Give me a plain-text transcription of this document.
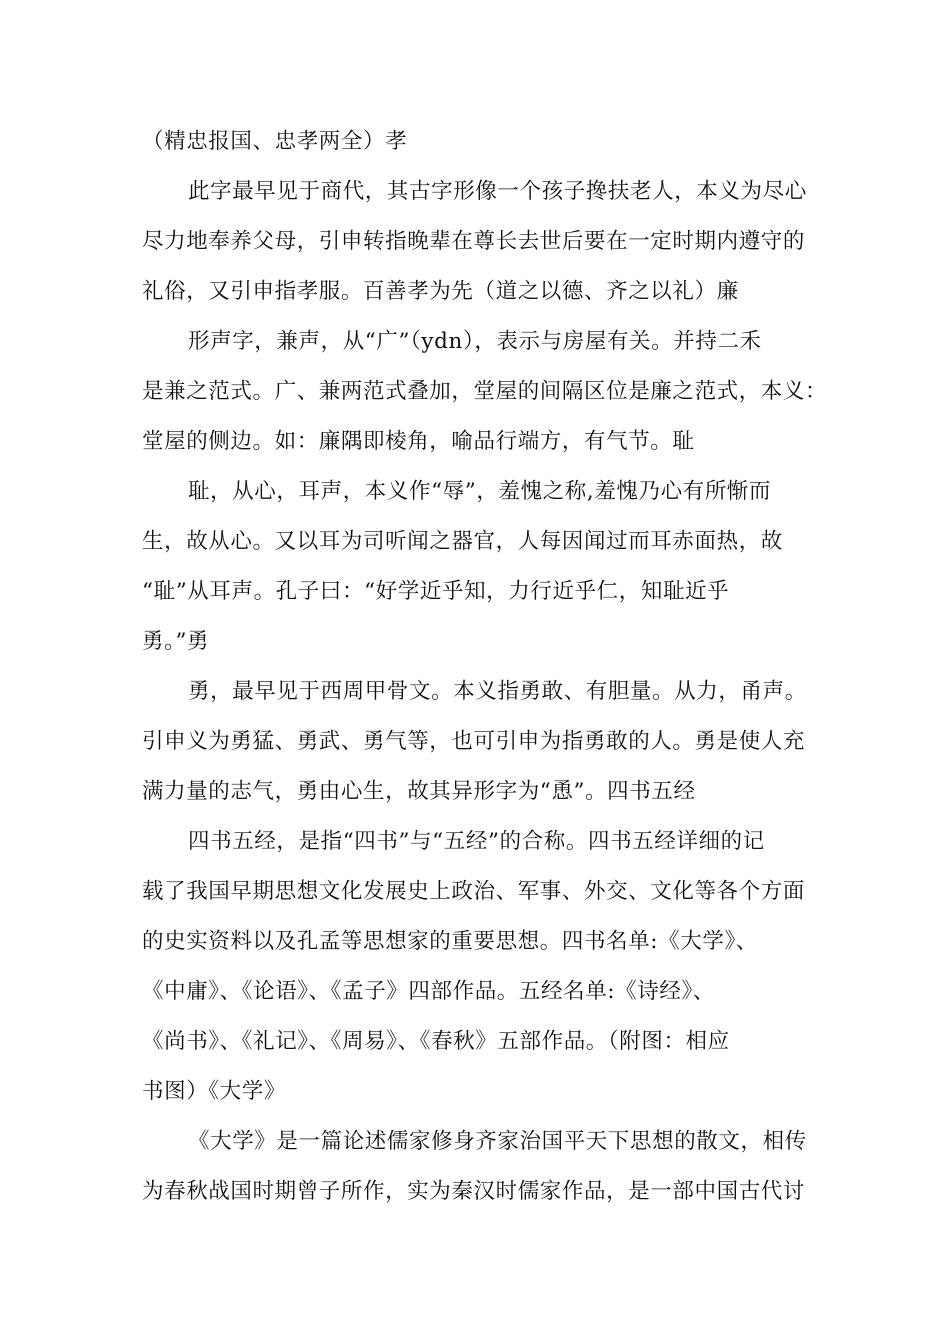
（精忠报国、忠孝两全）孝
此字最早见于商代，其古字形像一个孩子搀扶老人，本义为尽心
尽力地奉养父母，引申转指晚辈在尊长去世后要在一定时期内遵守的
礼俗，又引申指孝服。百善孝为先（道之以德、齐之以礼）廉
形声字，兼声，从“广”（ydn），表示与房屋有关。并持二禾
是兼之范式。广、兼两范式叠加，堂屋的间隔区位是廉之范式，本义：
堂屋的侧边。如：廉隅即棱角，喻品行端方，有气节。耻
耻，从心，耳声，本义作“辱”，羞愧之称,羞愧乃心有所惭而
生，故从心。又以耳为司听闻之器官，人每因闻过而耳赤面热，故
“耻”从耳声。孔子曰：“好学近乎知，力行近乎仁，知耻近乎
勇。”勇
勇，最早见于西周甲骨文。本义指勇敢、有胆量。从力，甬声。
引申义为勇猛、勇武、勇气等，也可引申为指勇敢的人。勇是使人充
满力量的志气，勇由心生，故其异形字为“恿”。四书五经
四书五经，是指“四书”与“五经”的合称。四书五经详细的记
载了我国早期思想文化发展史上政治、军事、外交、文化等各个方面
的史实资料以及孔孟等思想家的重要思想。四书名单:《大学》、
《中庸》、《论语》、《孟子》四部作品。五经名单:《诗经》、
《尚书》、《礼记》、《周易》、《春秋》五部作品。（附图：相应
书图）《大学》
《大学》是一篇论述儒家修身齐家治国平天下思想的散文，相传
为春秋战国时期曾子所作，实为秦汉时儒家作品，是一部中国古代讨
